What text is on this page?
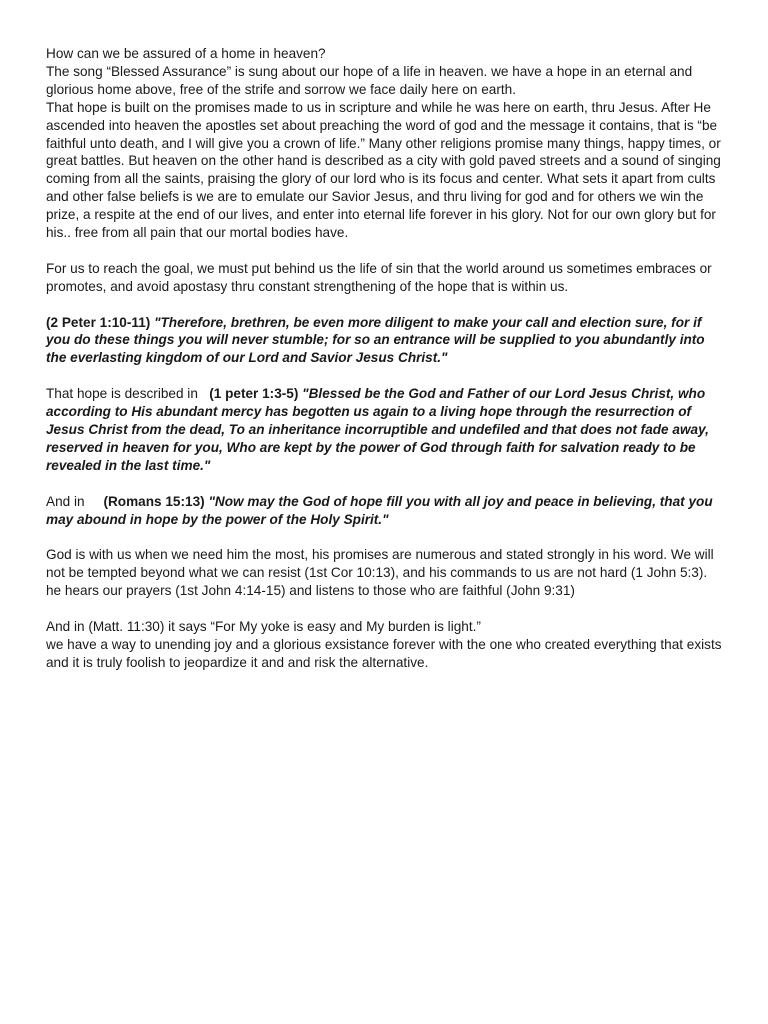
How can we be assured of a home in heaven?
The song “Blessed Assurance” is sung about our hope of a life in heaven. we have a hope in an eternal and glorious home above, free of the strife and sorrow we face daily here on earth.
That hope is built on the promises made to us in scripture and while he was here on earth, thru Jesus. After He ascended into heaven the apostles set about preaching the word of god and the message it contains, that is “be faithful unto death, and I will give you a crown of life.” Many other religions promise many things, happy times, or great battles. But heaven on the other hand is described as a city with gold paved streets and a sound of singing coming from all the saints, praising the glory of our lord who is its focus and center. What sets it apart from cults and other false beliefs is we are to emulate our Savior Jesus, and thru living for god and for others we win the prize, a respite at the end of our lives, and enter into eternal life forever in his glory. Not for our own glory but for his.. free from all pain that our mortal bodies have.

For us to reach the goal, we must put behind us the life of sin that the world around us sometimes embraces or promotes, and avoid apostasy thru constant strengthening of the hope that is within us.

(2 Peter 1:10-11) "Therefore, brethren, be even more diligent to make your call and election sure, for if you do these things you will never stumble; for so an entrance will be supplied to you abundantly into the everlasting kingdom of our Lord and Savior Jesus Christ."

That hope is described in   (1 peter 1:3-5) "Blessed be the God and Father of our Lord Jesus Christ, who according to His abundant mercy has begotten us again to a living hope through the resurrection of Jesus Christ from the dead, To an inheritance incorruptible and undefiled and that does not fade away, reserved in heaven for you, Who are kept by the power of God through faith for salvation ready to be revealed in the last time."

And in     (Romans 15:13) "Now may the God of hope fill you with all joy and peace in believing, that you may abound in hope by the power of the Holy Spirit."

God is with us when we need him the most, his promises are numerous and stated strongly in his word. We will not be tempted beyond what we can resist (1st Cor 10:13), and his commands to us are not hard (1 John 5:3). he hears our prayers (1st John 4:14-15) and listens to those who are faithful (John 9:31)

And in (Matt. 11:30) it says “For My yoke is easy and My burden is light.”
we have a way to unending joy and a glorious exsistance forever with the one who created everything that exists and it is truly foolish to jeopardize it and and risk the alternative.
